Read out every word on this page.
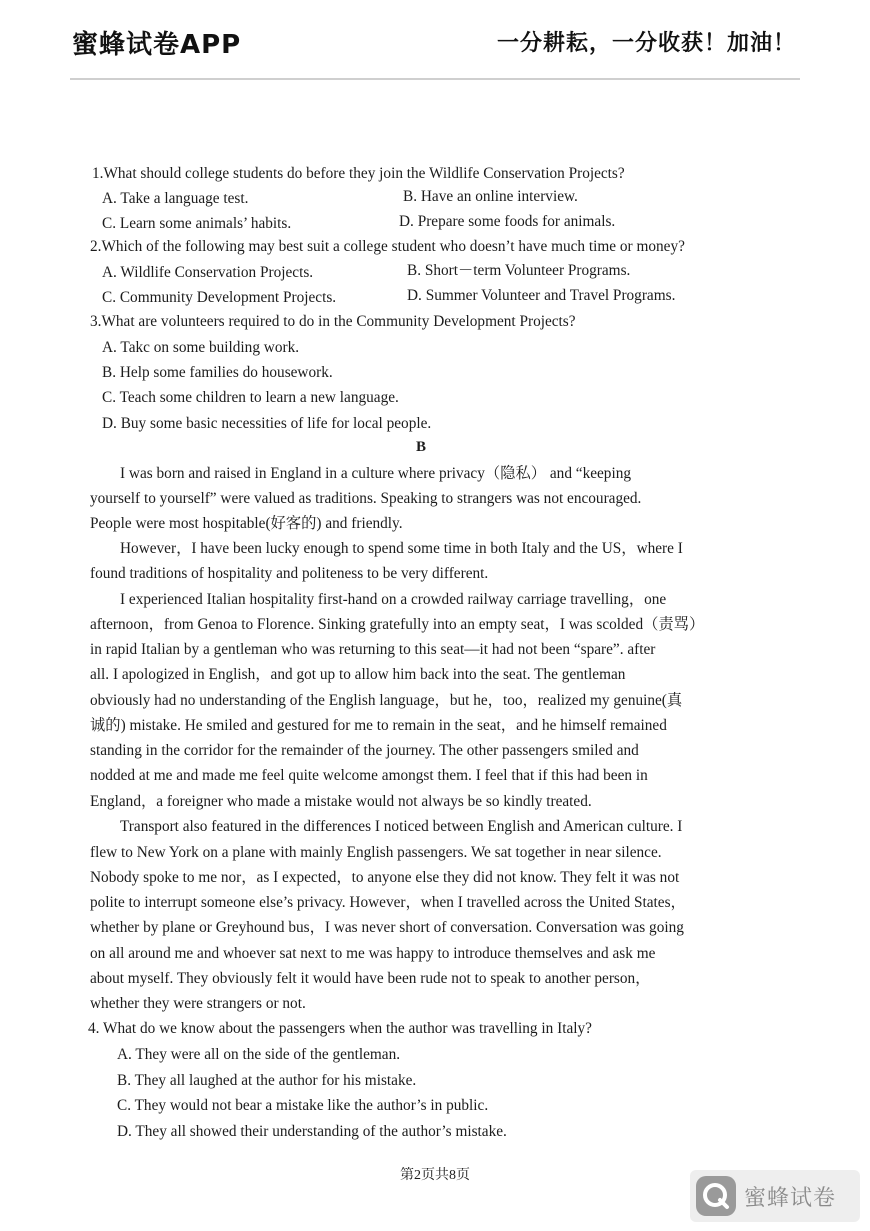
蜜蜂试卷APP	一分耕耘，一分收获！加油！
1.What should college students do before they join the Wildlife Conservation Projects?
A. Take a language test.	B. Have an online interview.
C. Learn some animals’ habits.	D. Prepare some foods for animals.
2.Which of the following may best suit a college student who doesn’t have much time or money?
A. Wildlife Conservation Projects.	B. Short－term Volunteer Programs.
C. Community Development Projects.	D. Summer Volunteer and Travel Programs.
3.What are volunteers required to do in the Community Development Projects?
A. Takc on some building work.
B. Help some families do housework.
C. Teach some children to learn a new language.
D. Buy some basic necessities of life for local people.
B
I was born and raised in England in a culture where privacy（隐私） and “keeping
yourself to yourself” were valued as traditions. Speaking to strangers was not encouraged.
People were most hospitable(好客的) and friendly.
However，I have been lucky enough to spend some time in both Italy and the US，where I
found traditions of hospitality and politeness to be very different.
I experienced Italian hospitality first-hand on a crowded railway carriage travelling，one
afternoon，from Genoa to Florence. Sinking gratefully into an empty seat，I was scolded（责骂）
in rapid Italian by a gentleman who was returning to this seat—it had not been “spare”. after
all. I apologized in English，and got up to allow him back into the seat. The gentleman
obviously had no understanding of the English language，but he，too，realized my genuine(真
诚的) mistake. He smiled and gestured for me to remain in the seat，and he himself remained
standing in the corridor for the remainder of the journey. The other passengers smiled and
nodded at me and made me feel quite welcome amongst them. I feel that if this had been in
England，a foreigner who made a mistake would not always be so kindly treated.
Transport also featured in the differences I noticed between English and American culture. I
flew to New York on a plane with mainly English passengers. We sat together in near silence.
Nobody spoke to me nor，as I expected，to anyone else they did not know. They felt it was not
polite to interrupt someone else’s privacy. However，when I travelled across the United States，
whether by plane or Greyhound bus，I was never short of conversation. Conversation was going
on all around me and whoever sat next to me was happy to introduce themselves and ask me
about myself. They obviously felt it would have been rude not to speak to another person，
whether they were strangers or not.
4. What do we know about the passengers when the author was travelling in Italy?
A. They were all on the side of the gentleman.
B. They all laughed at the author for his mistake.
C. They would not bear a mistake like the author’s in public.
D. They all showed their understanding of the author’s mistake.
第2页共8页
蜜蜂试卷
